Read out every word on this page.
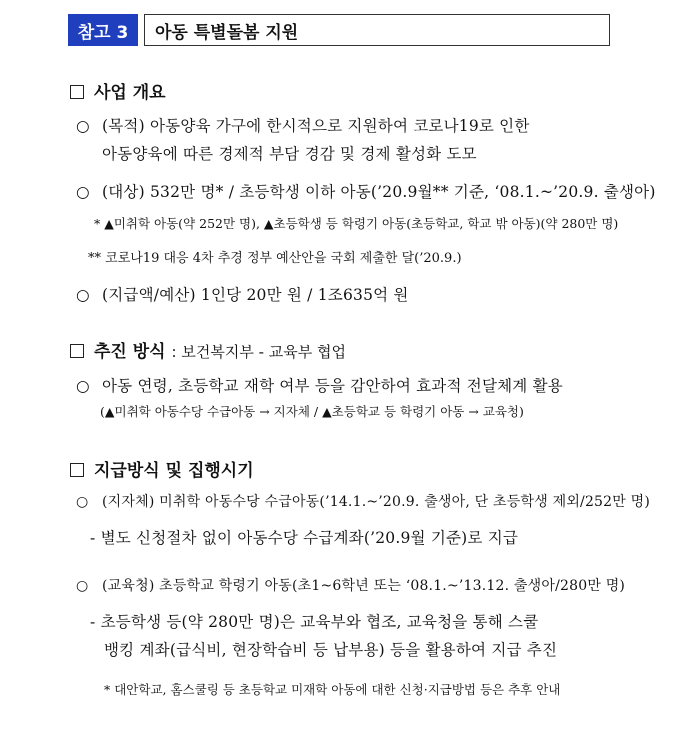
참고 3	아동 특별돌봄 지원
사업 개요
○ (목적) 아동양육 가구에 한시적으로 지원하여 코로나19로 인한
아동양육에 따른 경제적 부담 경감 및 경제 활성화 도모
○ (대상) 532만 명* / 초등학생 이하 아동(’20.9월** 기준, ‘08.1.~’20.9. 출생아)
* ▲미취학 아동(약 252만 명), ▲초등학생 등 학령기 아동(초등학교, 학교 밖 아동)(약 280만 명)
** 코로나19 대응 4차 추경 정부 예산안을 국회 제출한 달(’20.9.)
○ (지급액/예산) 1인당 20만 원 / 1조635억 원
추진 방식 : 보건복지부 - 교육부 협업
○ 아동 연령, 초등학교 재학 여부 등을 감안하여 효과적 전달체계 활용
(▲미취학 아동수당 수급아동 → 지자체 / ▲초등학교 등 학령기 아동 → 교육청)
지급방식 및 집행시기
○ (지자체) 미취학 아동수당 수급아동(’14.1.~’20.9. 출생아, 단 초등학생 제외/252만 명)
- 별도 신청절차 없이 아동수당 수급계좌(’20.9월 기준)로 지급
○ (교육청) 초등학교 학령기 아동(초1~6학년 또는 ‘08.1.~’13.12. 출생아/280만 명)
- 초등학생 등(약 280만 명)은 교육부와 협조, 교육청을 통해 스쿨
뱅킹 계좌(급식비, 현장학습비 등 납부용) 등을 활용하여 지급 추진
* 대안학교, 홈스쿨링 등 초등학교 미재학 아동에 대한 신청·지급방법 등은 추후 안내
